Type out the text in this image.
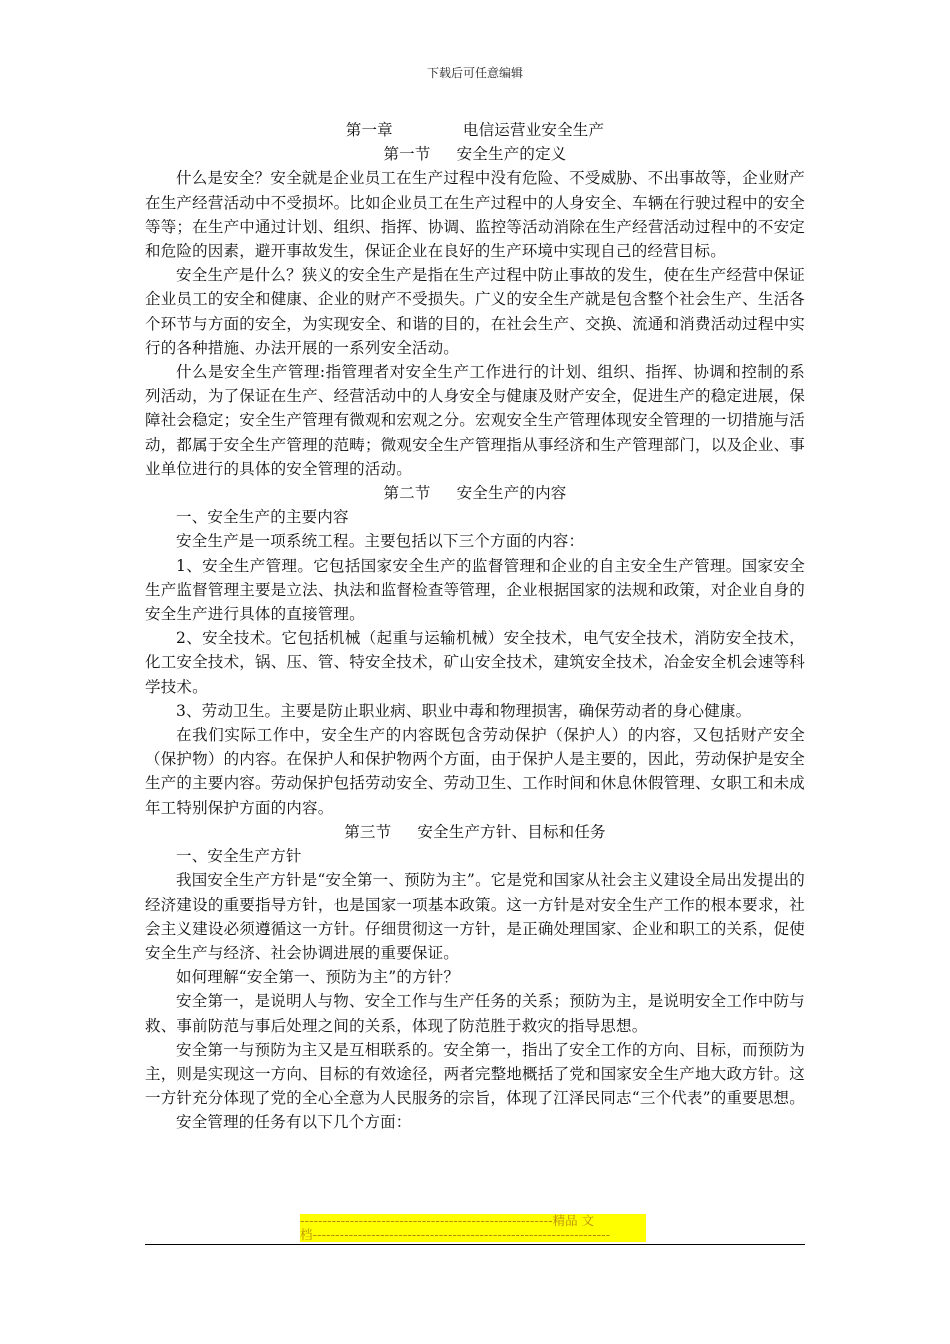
下载后可任意编辑
第一章	电信运营业安全生产
第一节 安全生产的定义

什么是安全？安全就是企业员工在生产过程中没有危险、不受威胁、不出事故等，企业财产在生产经营活动中不受损坏。比如企业员工在生产过程中的人身安全、车辆在行驶过程中的安全等等；在生产中通过计划、组织、指挥、协调、监控等活动消除在生产经营活动过程中的不安定和危险的因素，避开事故发生，保证企业在良好的生产环境中实现自己的经营目标。

安全生产是什么？狭义的安全生产是指在生产过程中防止事故的发生，使在生产经营中保证企业员工的安全和健康、企业的财产不受损失。广义的安全生产就是包含整个社会生产、生活各个环节与方面的安全，为实现安全、和谐的目的，在社会生产、交换、流通和消费活动过程中实行的各种措施、办法开展的一系列安全活动。

什么是安全生产管理:指管理者对安全生产工作进行的计划、组织、指挥、协调和控制的系列活动，为了保证在生产、经营活动中的人身安全与健康及财产安全，促进生产的稳定进展，保障社会稳定；安全生产管理有微观和宏观之分。宏观安全生产管理体现安全管理的一切措施与活动，都属于安全生产管理的范畴；微观安全生产管理指从事经济和生产管理部门，以及企业、事业单位进行的具体的安全管理的活动。

第二节 安全生产的内容

一、安全生产的主要内容

安全生产是一项系统工程。主要包括以下三个方面的内容：

1、安全生产管理。它包括国家安全生产的监督管理和企业的自主安全生产管理。国家安全生产监督管理主要是立法、执法和监督检查等管理，企业根据国家的法规和政策，对企业自身的安全生产进行具体的直接管理。

2、安全技术。它包括机械（起重与运输机械）安全技术，电气安全技术，消防安全技术，化工安全技术，锅、压、管、特安全技术，矿山安全技术，建筑安全技术，冶金安全机会速等科学技术。

3、劳动卫生。主要是防止职业病、职业中毒和物理损害，确保劳动者的身心健康。

在我们实际工作中，安全生产的内容既包含劳动保护（保护人）的内容，又包括财产安全（保护物）的内容。在保护人和保护物两个方面，由于保护人是主要的，因此，劳动保护是安全生产的主要内容。劳动保护包括劳动安全、劳动卫生、工作时间和休息休假管理、女职工和未成年工特别保护方面的内容。

第三节 安全生产方针、目标和任务

一、安全生产方针

我国安全生产方针是“安全第一、预防为主”。它是党和国家从社会主义建设全局出发提出的经济建设的重要指导方针，也是国家一项基本政策。这一方针是对安全生产工作的根本要求，社会主义建设必须遵循这一方针。仔细贯彻这一方针，是正确处理国家、企业和职工的关系，促使安全生产与经济、社会协调进展的重要保证。

如何理解“安全第一、预防为主”的方针？

安全第一，是说明人与物、安全工作与生产任务的关系；预防为主，是说明安全工作中防与救、事前防范与事后处理之间的关系，体现了防范胜于救灾的指导思想。

安全第一与预防为主又是互相联系的。安全第一，指出了安全工作的方向、目标，而预防为主，则是实现这一方向、目标的有效途径，两者完整地概括了党和国家安全生产地大政方针。这一方针充分体现了党的全心全意为人民服务的宗旨，体现了江泽民同志“三个代表”的重要思想。

安全管理的任务有以下几个方面：

--------------------------------------------------------精品 文
档------------------------------------------------------------------
